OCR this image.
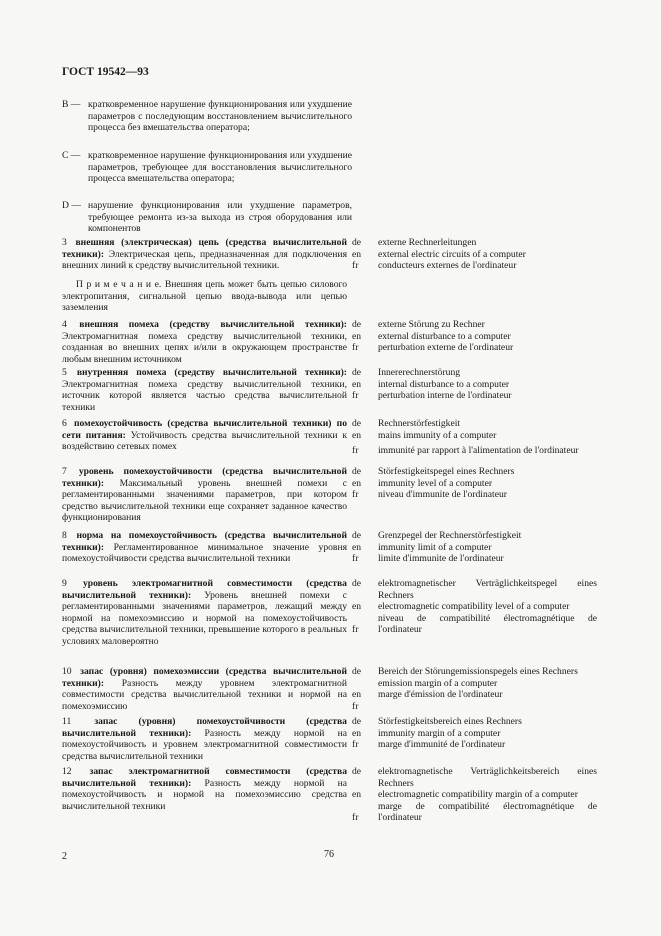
ГОСТ 19542—93
B — кратковременное нарушение функционирования или ухудшение параметров с последующим восстановлением вычислительного процесса без вмешательства оператора;
C — кратковременное нарушение функционирования или ухудшение параметров, требующее для восстановления вычислительного процесса вмешательства оператора;
D — нарушение функционирования или ухудшение параметров, требующее ремонта из-за выхода из строя оборудования или компонентов
3 внешняя (электрическая) цепь (средства вычислительной техники): Электрическая цепь, предназначенная для подключения внешних линий к средству вычислительной техники.
de
en
fr
externe Rechnerleitungen
external electric circuits of a computer
conducteurs externes de l'ordinateur
П р и м е ч а н и е. Внешняя цепь может быть цепью силового электропитания, сигнальной цепью ввода-вывода или цепью заземления
4 внешняя помеха (средству вычислительной техники): Электромагнитная помеха средству вычислительной техники, созданная во внешних цепях и/или в окружающем пространстве любым внешним источником
de
en
fr
externe Störung zu Rechner
external disturbance to a computer
perturbation externe de l'ordinateur
5 внутренняя помеха (средству вычислительной техники): Электромагнитная помеха средству вычислительной техники, источник которой является частью средства вычислительной техники
de
en
fr
Innererechnerstörung
internal disturbance to a computer
perturbation interne de l'ordinateur
6 помехоустойчивость (средства вычислительной техники) по сети питания: Устойчивость средства вычислительной техники к воздействию сетевых помех
de
en
fr
Rechnerstörfestigkeit
mains immunity of a computer
immunité par rapport à l'alimentation de l'ordinateur
7 уровень помехоустойчивости (средства вычислительной техники): Максимальный уровень внешней помехи с регламентированными значениями параметров, при котором средство вычислительной техники еще сохраняет заданное качество функционирования
de
en
fr
Störfestigkeitspegel eines Rechners
immunity level of a computer
niveau d'immunite de l'ordinateur
8 норма на помехоустойчивость (средства вычислительной техники): Регламентированное минимальное значение уровня помехоустойчивости средства вычислительной техники
de
en
fr
Grenzpegel der Rechnerstörfestigkeit
immunity limit of a computer
limite d'immunite de l'ordinateur
9 уровень электромагнитной совместимости (средства вычислительной техники): Уровень внешней помехи с регламентированными значениями параметров, лежащий между нормой на помехоэмиссию и нормой на помехоустойчивость средства вычислительной техники, превышение которого в реальных условиях маловероятно
de
en
fr
elektromagnetischer Verträglichkeitspegel eines Rechners
electromagnetic compatibility level of a computer
niveau de compatibilité électromagnétique de l'ordinateur
10 запас (уровня) помехоэмиссии (средства вычислительной техники): Разность между уровнем электромагнитной совместимости средства вычислительной техники и нормой на помехоэмиссию
de
en
fr
Bereich der Störungemissionspegels eines Rechners
emission margin of a computer
marge d'émission de l'ordinateur
11 запас (уровня) помехоустойчивости (средства вычислительной техники): Разность между нормой на помехоустойчивость и уровнем электромагнитной совместимости средства вычислительной техники
de
en
fr
Störfestigkeitsbereich eines Rechners
immunity margin of a computer
marge d'immunité de l'ordinateur
12 запас электромагнитной совместимости (средства вычислительной техники): Разность между нормой на помехоустойчивость и нормой на помехоэмиссию средства вычислительной техники
de
en
fr
elektromagnetische Verträglichkeitsbereich eines Rechners
electromagnetic compatibility margin of a computer
marge de compatibilité électromagnétique de l'ordinateur
2	76
